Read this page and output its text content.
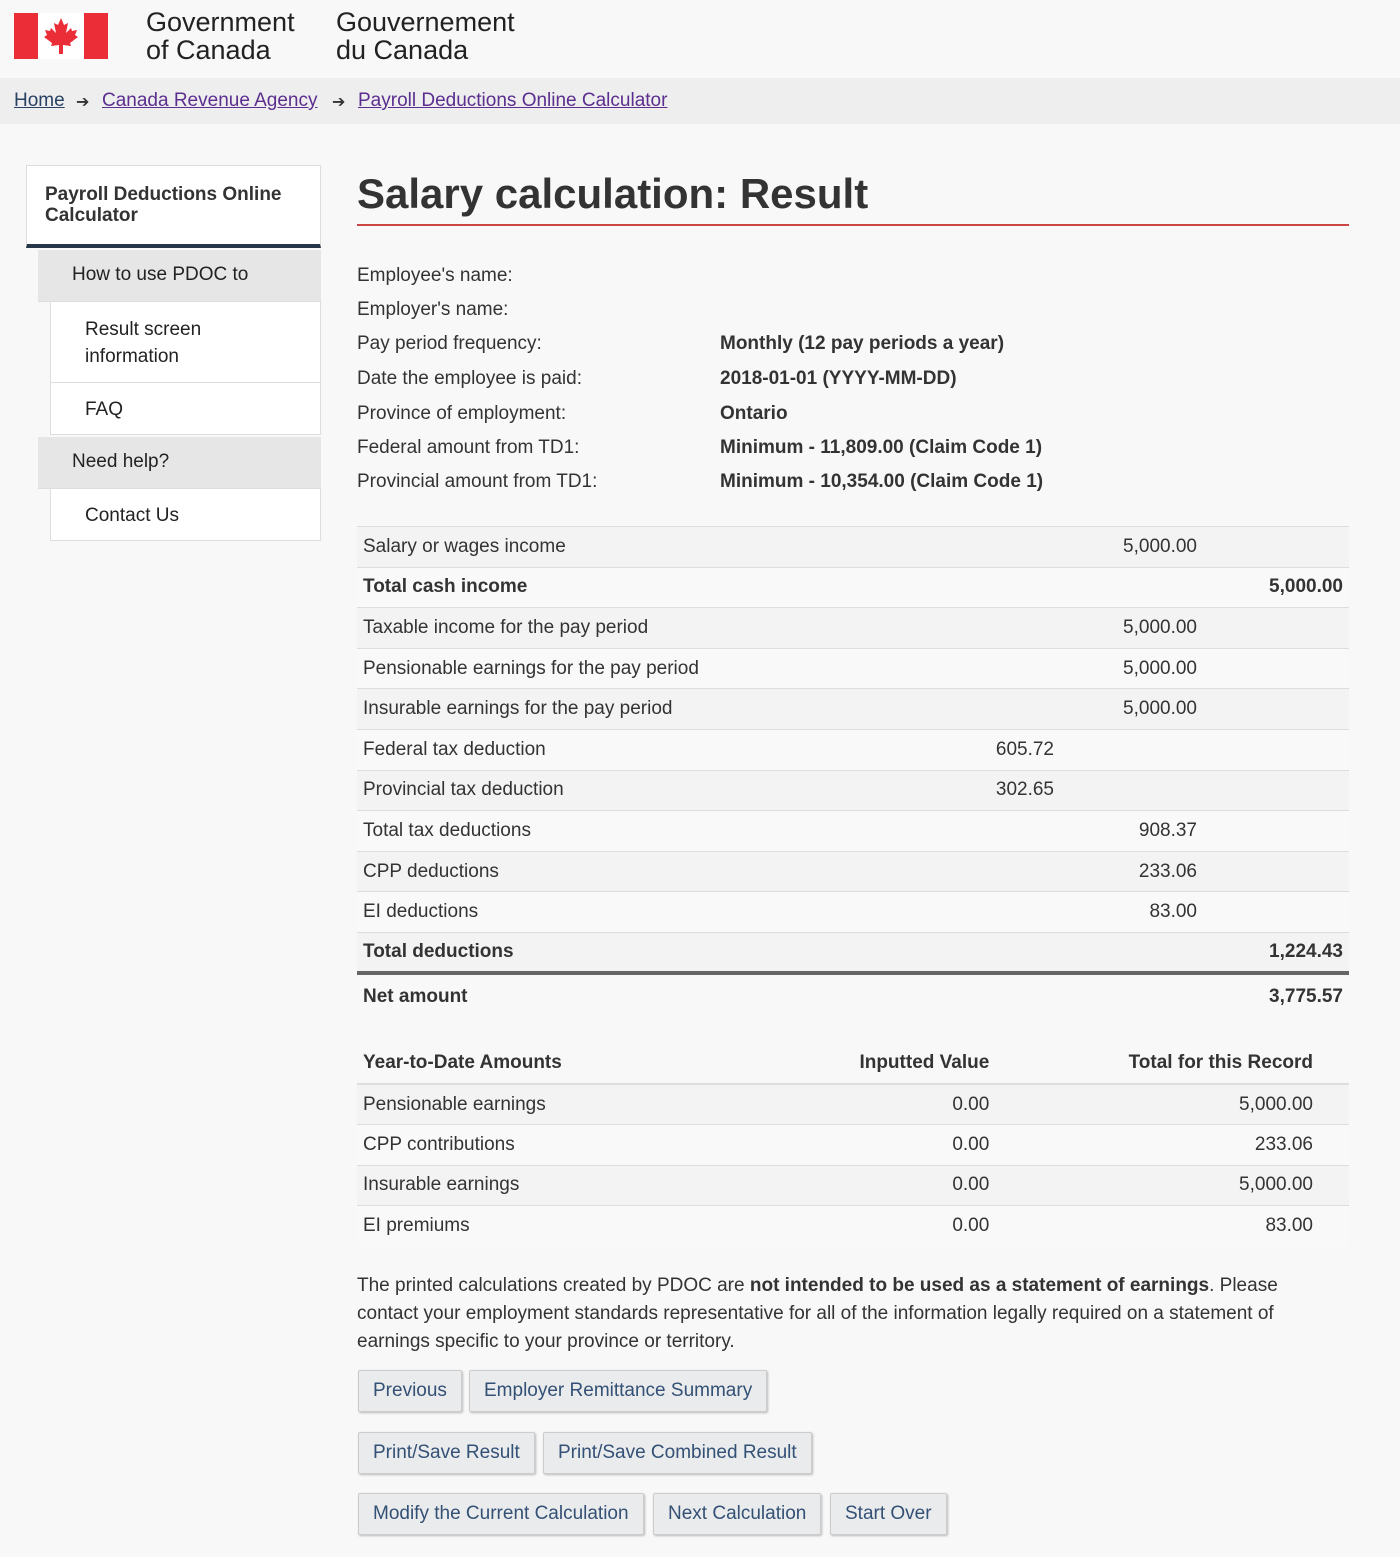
Government
of Canada
Gouvernement
du Canada
Home ➔ Canada Revenue Agency ➔ Payroll Deductions Online Calculator
Payroll Deductions Online Calculator
How to use PDOC to
Result screen
information
FAQ
Need help?
Contact Us
Salary calculation: Result
Employee's name:
Employer's name:
Pay period frequency:	Monthly (12 pay periods a year)
Date the employee is paid:	2018-01-01 (YYYY-MM-DD)
Province of employment:	Ontario
Federal amount from TD1:	Minimum - 11,809.00 (Claim Code 1)
Provincial amount from TD1:	Minimum - 10,354.00 (Claim Code 1)
Salary or wages income		5,000.00	
Total cash income			5,000.00
Taxable income for the pay period		5,000.00	
Pensionable earnings for the pay period		5,000.00	
Insurable earnings for the pay period		5,000.00	
Federal tax deduction	605.72		
Provincial tax deduction	302.65		
Total tax deductions		908.37	
CPP deductions		233.06	
EI deductions		83.00	
Total deductions			1,224.43
Net amount			3,775.57
Year-to-Date Amounts	Inputted Value	Total for this Record
Pensionable earnings	0.00	5,000.00
CPP contributions	0.00	233.06
Insurable earnings	0.00	5,000.00
EI premiums	0.00	83.00

The printed calculations created by PDOC are not intended to be used as a statement of earnings. Please contact your employment standards representative for all of the information legally required on a statement of earnings specific to your province or territory.

Previous	Employer Remittance Summary
Print/Save Result	Print/Save Combined Result
Modify the Current Calculation	Next Calculation	Start Over
